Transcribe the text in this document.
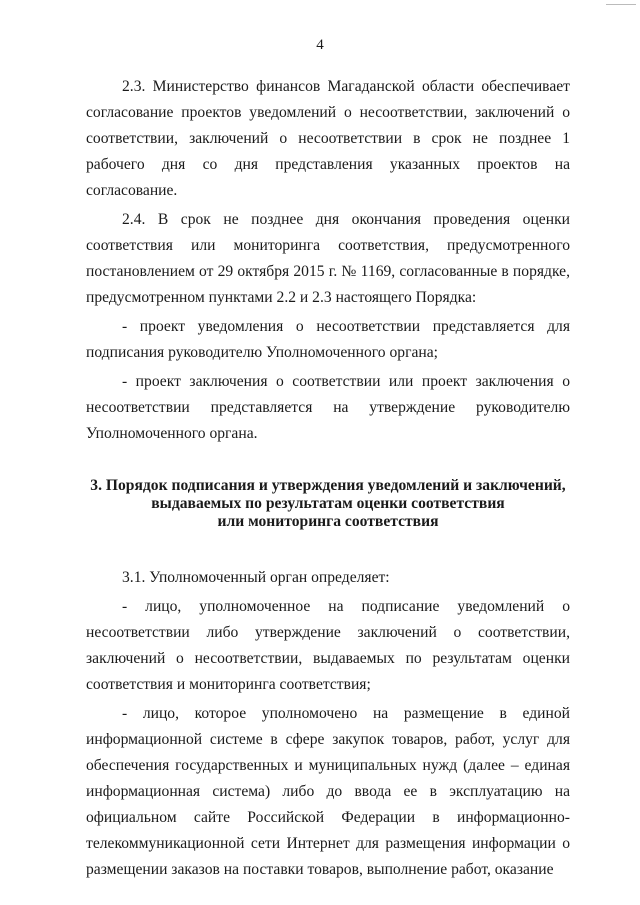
4

2.3. Министерство финансов Магаданской области обеспечивает согласование проектов уведомлений о несоответствии, заключений о соответствии, заключений о несоответствии в срок не позднее 1 рабочего дня со дня представления указанных проектов на согласование.

2.4. В срок не позднее дня окончания проведения оценки соответствия или мониторинга соответствия, предусмотренного постановлением от 29 октября 2015 г. № 1169, согласованные в порядке, предусмотренном пунктами 2.2 и 2.3 настоящего Порядка:

- проект уведомления о несоответствии представляется для подписания руководителю Уполномоченного органа;

- проект заключения о соответствии или проект заключения о несоответствии представляется на утверждение руководителю Уполномоченного органа.

3. Порядок подписания и утверждения уведомлений и заключений,

выдаваемых по результатам оценки соответствия

или мониторинга соответствия

3.1. Уполномоченный орган определяет:

- лицо, уполномоченное на подписание уведомлений о несоответствии либо утверждение заключений о соответствии, заключений о несоответствии, выдаваемых по результатам оценки соответствия и мониторинга соответствия;

- лицо, которое уполномочено на размещение в единой информационной системе в сфере закупок товаров, работ, услуг для обеспечения государственных и муниципальных нужд (далее – единая информационная система) либо до ввода ее в эксплуатацию на официальном сайте Российской Федерации в информационно-телекоммуникационной сети Интернет для размещения информации о размещении заказов на поставки товаров, выполнение работ, оказание
